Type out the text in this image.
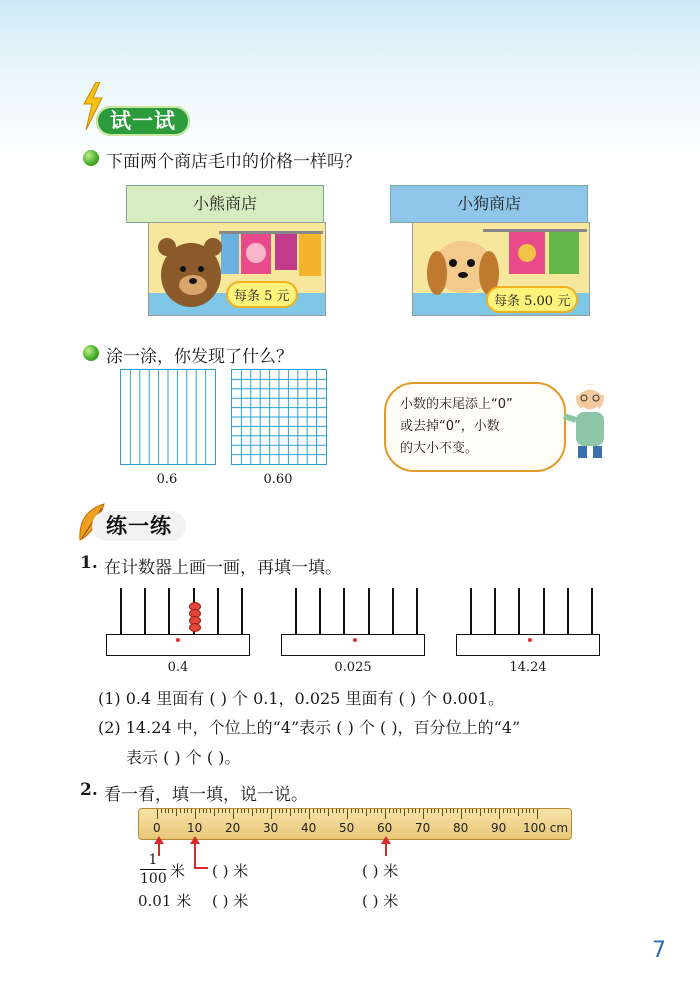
试一试
下面两个商店毛巾的价格一样吗？
小熊商店
每条 5 元
小狗商店
每条 5.00 元
涂一涂，你发现了什么？
0.6	0.60
小数的末尾添上“0”
或去掉“0”，小数
的大小不变。
练一练
1. 在计数器上画一画，再填一填。
0.4	0.025	14.24
(1) 0.4 里面有 ( ) 个 0.1，0.025 里面有 ( ) 个 0.001。
(2) 14.24 中，个位上的“4”表示 ( ) 个 ( )，百分位上的“4”
表示 ( ) 个 ( )。
2. 看一看，填一填，说一说。
0 10 20 30 40 50 60 70 80 90 100 cm
1
100 米 ( ) 米	( ) 米
0.01 米 ( ) 米	( ) 米
7
